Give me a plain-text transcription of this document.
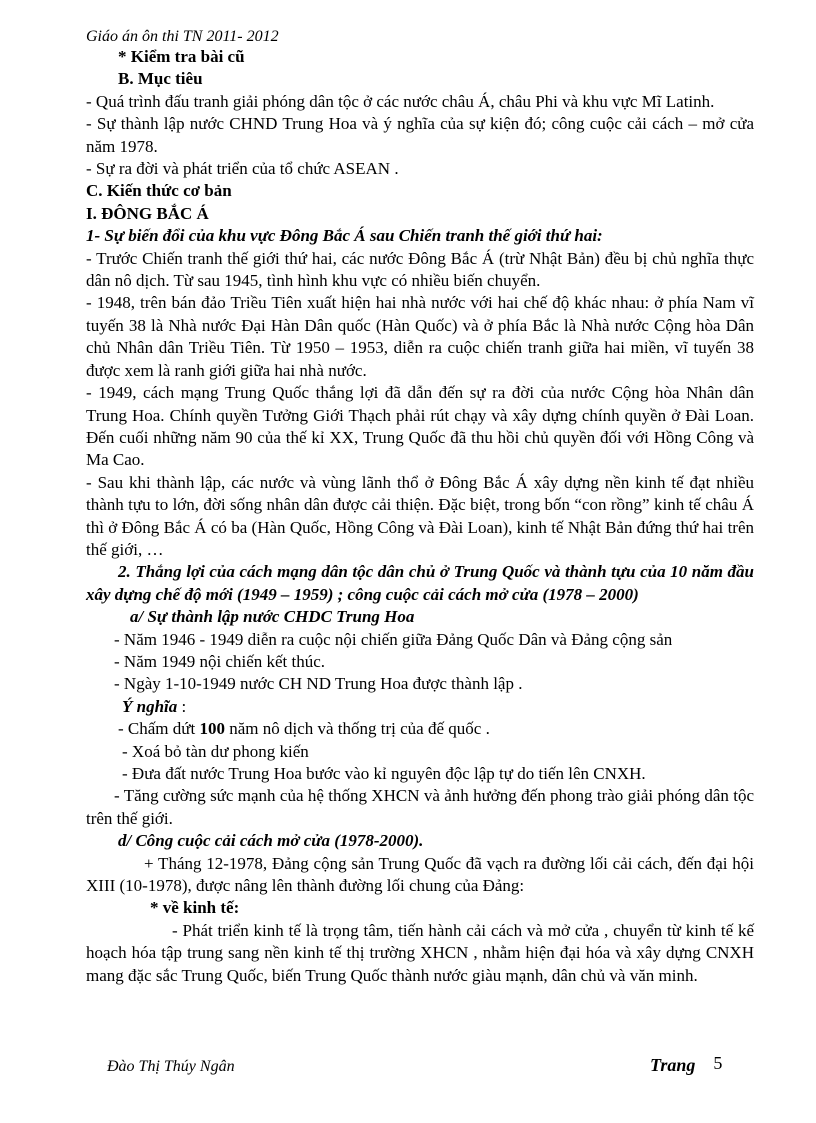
Giáo án ôn thi TN 2011- 2012

* Kiểm tra bài cũ

B. Mục tiêu

- Quá trình đấu tranh giải phóng dân tộc ở các nước châu Á, châu Phi và khu vực Mĩ Latinh.

- Sự thành lập nước CHND Trung Hoa và ý nghĩa của sự kiện đó; công cuộc cải cách – mở cửa năm 1978.

- Sự ra đời và phát triển của tổ chức ASEAN .

C. Kiến thức cơ bản

I. ĐÔNG BẮC Á

1- Sự biến đổi của khu vực Đông Bắc Á sau Chiến tranh thế giới thứ hai:

- Trước Chiến tranh thế giới thứ hai, các nước Đông Bắc Á (trừ Nhật Bản) đều bị chủ nghĩa thực dân nô dịch. Từ sau 1945, tình hình khu vực có nhiều biến chuyển.

- 1948, trên bán đảo Triều Tiên xuất hiện hai nhà nước với hai chế độ khác nhau: ở phía Nam vĩ tuyến 38 là Nhà nước Đại Hàn Dân quốc (Hàn Quốc) và ở phía Bắc là Nhà nước Cộng hòa Dân chủ Nhân dân Triều Tiên. Từ 1950 – 1953, diễn ra cuộc chiến tranh giữa hai miền, vĩ tuyến 38 được xem là ranh giới giữa hai nhà nước.

- 1949, cách mạng Trung Quốc thắng lợi đã dẫn đến sự ra đời của nước Cộng hòa Nhân dân Trung Hoa. Chính quyền Tưởng Giới Thạch phải rút chạy và xây dựng chính quyền ở Đài Loan. Đến cuối những năm 90 của thế kỉ XX, Trung Quốc đã thu hồi chủ quyền đối với Hồng Công và Ma Cao.

- Sau khi thành lập, các nước và vùng lãnh thổ ở Đông Bắc Á xây dựng nền kinh tế đạt nhiều thành tựu to lớn, đời sống nhân dân được cải thiện. Đặc biệt, trong bốn “con rồng” kinh tế châu Á thì ở Đông Bắc Á có ba (Hàn Quốc, Hồng Công và Đài Loan), kinh tế Nhật Bản đứng thứ hai trên thế giới, …

2. Thắng lợi của cách mạng dân tộc dân chủ ở Trung Quốc và thành tựu của 10 năm đầu xây dựng chế độ mới (1949 – 1959) ; công cuộc cải cách mở cửa (1978 – 2000)

a/ Sự thành lập nước CHDC Trung Hoa

- Năm 1946 - 1949 diễn ra cuộc nội chiến giữa Đảng Quốc Dân và Đảng cộng sản

- Năm 1949 nội chiến kết thúc.

- Ngày 1-10-1949 nước CH ND Trung Hoa được thành lập .

Ý nghĩa :

- Chấm dứt 100 năm nô dịch và thống trị của đế quốc .

- Xoá bỏ tàn dư phong kiến

- Đưa đất nước Trung Hoa bước vào kỉ nguyên độc lập tự do tiến lên CNXH.

- Tăng cường sức mạnh của hệ thống XHCN và ảnh hưởng đến phong trào giải phóng dân tộc trên thế giới.

d/ Công cuộc cải cách mở cửa (1978-2000).

+ Tháng 12-1978, Đảng cộng sản Trung Quốc đã vạch ra đường lối cải cách, đến đại hội XIII (10-1978), được nâng lên thành đường lối chung của Đảng:

* về kinh tế:

- Phát triển kinh tế là trọng tâm, tiến hành cải cách và mở cửa , chuyển từ kinh tế kế hoạch hóa tập trung sang nền kinh tế thị trường XHCN , nhằm hiện đại hóa và xây dựng CNXH mang đặc sắc Trung Quốc, biến Trung Quốc thành nước giàu mạnh, dân chủ và văn minh.

Đào Thị Thúy Ngân	Trang 5
